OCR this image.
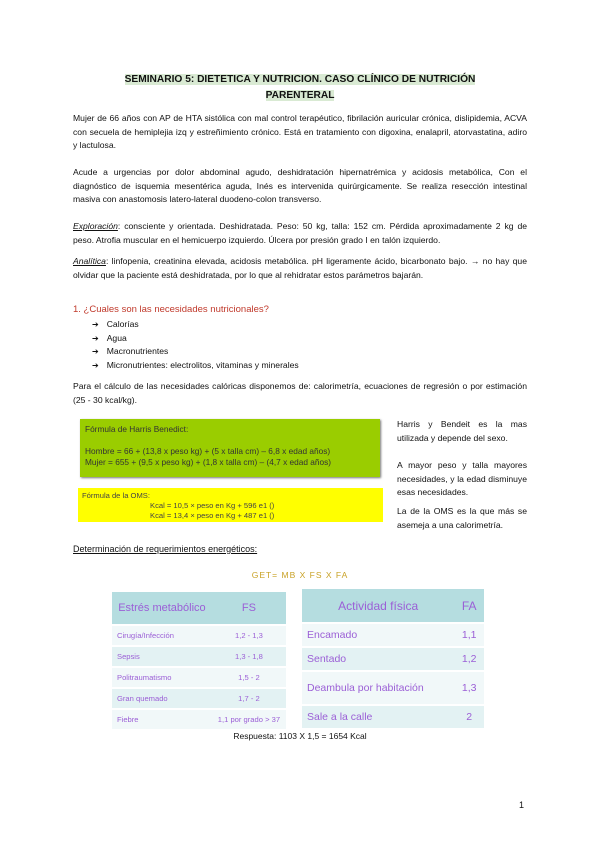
SEMINARIO 5: DIETETICA Y NUTRICION. CASO CLÍNICO DE NUTRICIÓN
PARENTERAL
Mujer de 66 años con AP de HTA sistólica con mal control terapéutico, fibrilación auricular crónica, dislipidemia, ACVA con secuela de hemiplejia izq y estreñimiento crónico. Está en tratamiento con digoxina, enalapril, atorvastatina, adiro y lactulosa.
Acude a urgencias por dolor abdominal agudo, deshidratación hipernatrémica y acidosis metabólica, Con el diagnóstico de isquemia mesentérica aguda, Inés es intervenida quirúrgicamente. Se realiza resección intestinal masiva con anastomosis latero-lateral duodeno-colon transverso.
Exploración: consciente y orientada. Deshidratada. Peso: 50 kg, talla: 152 cm. Pérdida aproximadamente 2 kg de peso. Atrofia muscular en el hemicuerpo izquierdo. Úlcera por presión grado I en talón izquierdo.
Analítica: linfopenia, creatinina elevada, acidosis metabólica. pH ligeramente ácido, bicarbonato bajo. → no hay que olvidar que la paciente está deshidratada, por lo que al rehidratar estos parámetros bajarán.
1. ¿Cuales son las necesidades nutricionales?
➔ Calorías
➔ Agua
➔ Macronutrientes
➔ Micronutrientes: electrolitos, vitaminas y minerales
Para el cálculo de las necesidades calóricas disponemos de: calorimetría, ecuaciones de regresión o por estimación (25 - 30 kcal/kg).
Fórmula de Harris Benedict:

Hombre = 66 + (13,8 x peso kg) + (5 x talla cm) – 6,8 x edad años)
Mujer = 655 + (9,5 x peso kg) + (1,8 x talla cm) – (4,7 x edad años)
Fórmula de la OMS:
Kcal = 10,5 × peso en Kg + 596 e1 ()
Kcal = 13,4 × peso en Kg + 487 e1 ()
Harris y Bendeit es la mas utilizada y depende del sexo.
A mayor peso y talla mayores necesidades, y la edad disminuye esas necesidades.
La de la OMS es la que más se asemeja a una calorimetría.
Determinación de requerimientos energéticos:
GET= MB X FS X FA
Estrés metabólico	FS
Cirugía/Infección	1,2 - 1,3
Sepsis	1,3 - 1,8
Politraumatismo	1,5 - 2
Gran quemado	1,7 - 2
Fiebre	1,1 por grado > 37
Actividad física	FA
Encamado	1,1
Sentado	1,2
Deambula por habitación	1,3
Sale a la calle	2
Respuesta: 1103 X 1,5 = 1654 Kcal
1
